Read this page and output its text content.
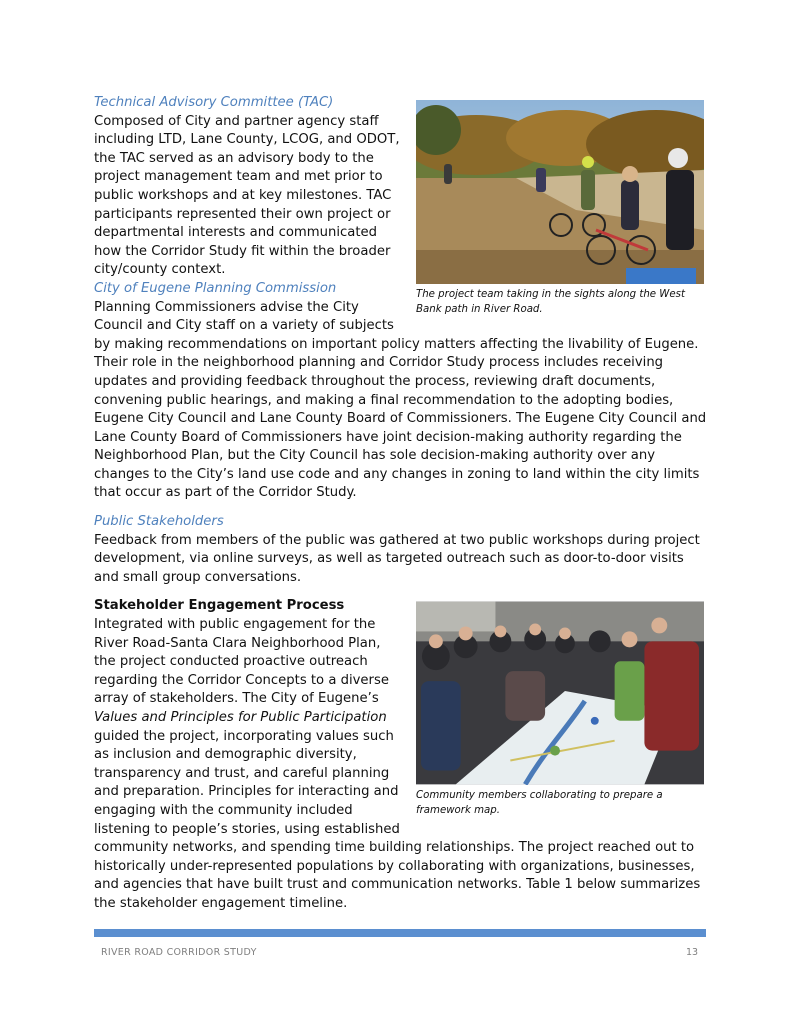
The project team taking in the sights along the West Bank path in River Road.

Technical Advisory Committee (TAC)

Composed of City and partner agency staff including LTD, Lane County, LCOG, and ODOT, the TAC served as an advisory body to the project management team and met prior to public workshops and at key milestones. TAC participants represented their own project or departmental interests and communicated how the Corridor Study fit within the broader city/county context.

City of Eugene Planning Commission

Planning Commissioners advise the City Council and City staff on a variety of subjects by making recommendations on important policy matters affecting the livability of Eugene. Their role in the neighborhood planning and Corridor Study process includes receiving updates and providing feedback throughout the process, reviewing draft documents, convening public hearings, and making a final recommendation to the adopting bodies, Eugene City Council and Lane County Board of Commissioners. The Eugene City Council and Lane County Board of Commissioners have joint decision-making authority regarding the Neighborhood Plan, but the City Council has sole decision-making authority over any changes to the City’s land use code and any changes in zoning to land within the city limits that occur as part of the Corridor Study.

Public Stakeholders

Feedback from members of the public was gathered at two public workshops during project development, via online surveys, as well as targeted outreach such as door-to-door visits and small group conversations.

Community members collaborating to prepare a framework map.

Stakeholder Engagement Process

Integrated with public engagement for the River Road-Santa Clara Neighborhood Plan, the project conducted proactive outreach regarding the Corridor Concepts to a diverse array of stakeholders. The City of Eugene’s Values and Principles for Public Participation guided the project, incorporating values such as inclusion and demographic diversity, transparency and trust, and careful planning and preparation. Principles for interacting and engaging with the community included listening to people’s stories, using established community networks, and spending time building relationships. The project reached out to historically under-represented populations by collaborating with organizations, businesses, and agencies that have built trust and communication networks. Table 1 below summarizes the stakeholder engagement timeline.

RIVER ROAD CORRIDOR STUDY	13
